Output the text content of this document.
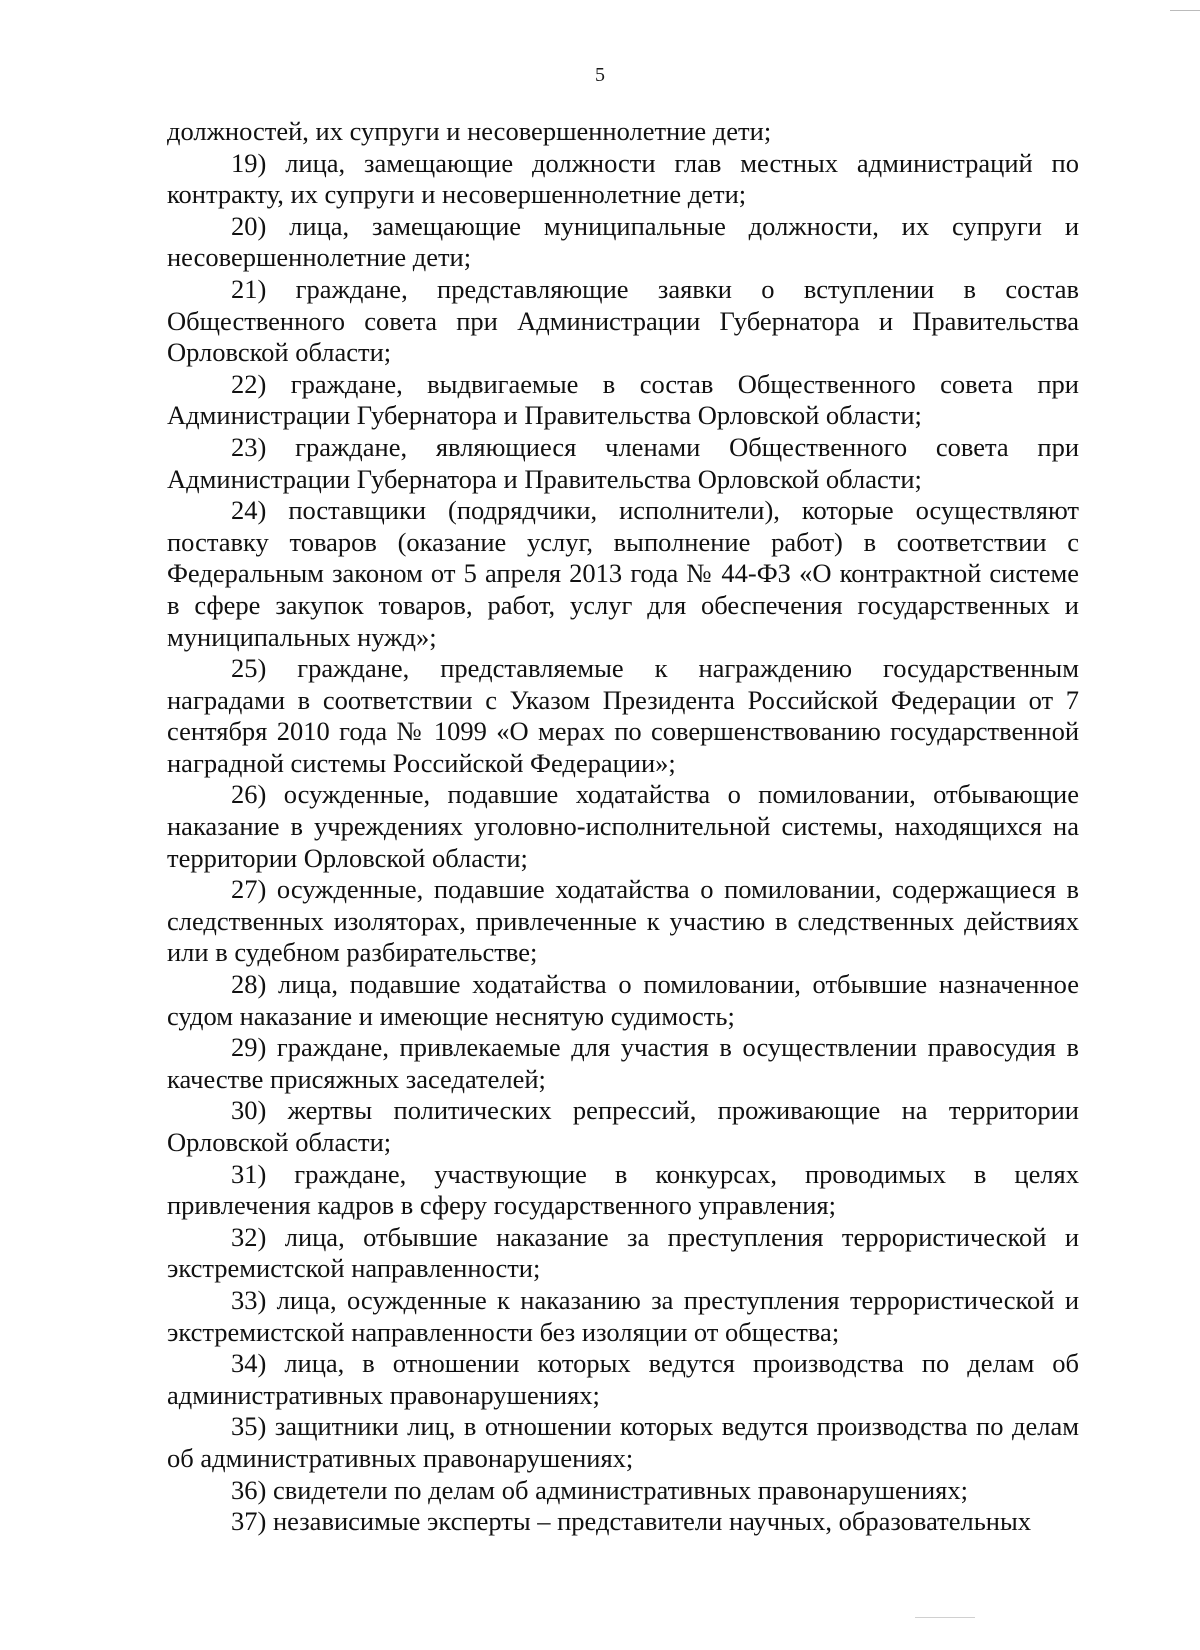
5

должностей, их супруги и несовершеннолетние дети;

19) лица, замещающие должности глав местных администраций по контракту, их супруги и несовершеннолетние дети;

20) лица, замещающие муниципальные должности, их супруги и несовершеннолетние дети;

21) граждане, представляющие заявки о вступлении в состав Общественного совета при Администрации Губернатора и Правительства Орловской области;

22) граждане, выдвигаемые в состав Общественного совета при Администрации Губернатора и Правительства Орловской области;

23) граждане, являющиеся членами Общественного совета при Администрации Губернатора и Правительства Орловской области;

24) поставщики (подрядчики, исполнители), которые осуществляют поставку товаров (оказание услуг, выполнение работ) в соответствии с Федеральным законом от 5 апреля 2013 года № 44-ФЗ «О контрактной системе в сфере закупок товаров, работ, услуг для обеспечения государственных и муниципальных нужд»;

25) граждане, представляемые к награждению государственным наградами в соответствии с Указом Президента Российской Федерации от 7 сентября 2010 года № 1099 «О мерах по совершенствованию государственной наградной системы Российской Федерации»;

26) осужденные, подавшие ходатайства о помиловании, отбывающие наказание в учреждениях уголовно-исполнительной системы, находящихся на территории Орловской области;

27) осужденные, подавшие ходатайства о помиловании, содержащиеся в следственных изоляторах, привлеченные к участию в следственных действиях или в судебном разбирательстве;

28) лица, подавшие ходатайства о помиловании, отбывшие назначенное судом наказание и имеющие неснятую судимость;

29) граждане, привлекаемые для участия в осуществлении правосудия в качестве присяжных заседателей;

30) жертвы политических репрессий, проживающие на территории Орловской области;

31) граждане, участвующие в конкурсах, проводимых в целях привлечения кадров в сферу государственного управления;

32) лица, отбывшие наказание за преступления террористической и экстремистской направленности;

33) лица, осужденные к наказанию за преступления террористической и экстремистской направленности без изоляции от общества;

34) лица, в отношении которых ведутся производства по делам об административных правонарушениях;

35) защитники лиц, в отношении которых ведутся производства по делам об административных правонарушениях;

36) свидетели по делам об административных правонарушениях;

37) независимые эксперты – представители научных, образовательных
